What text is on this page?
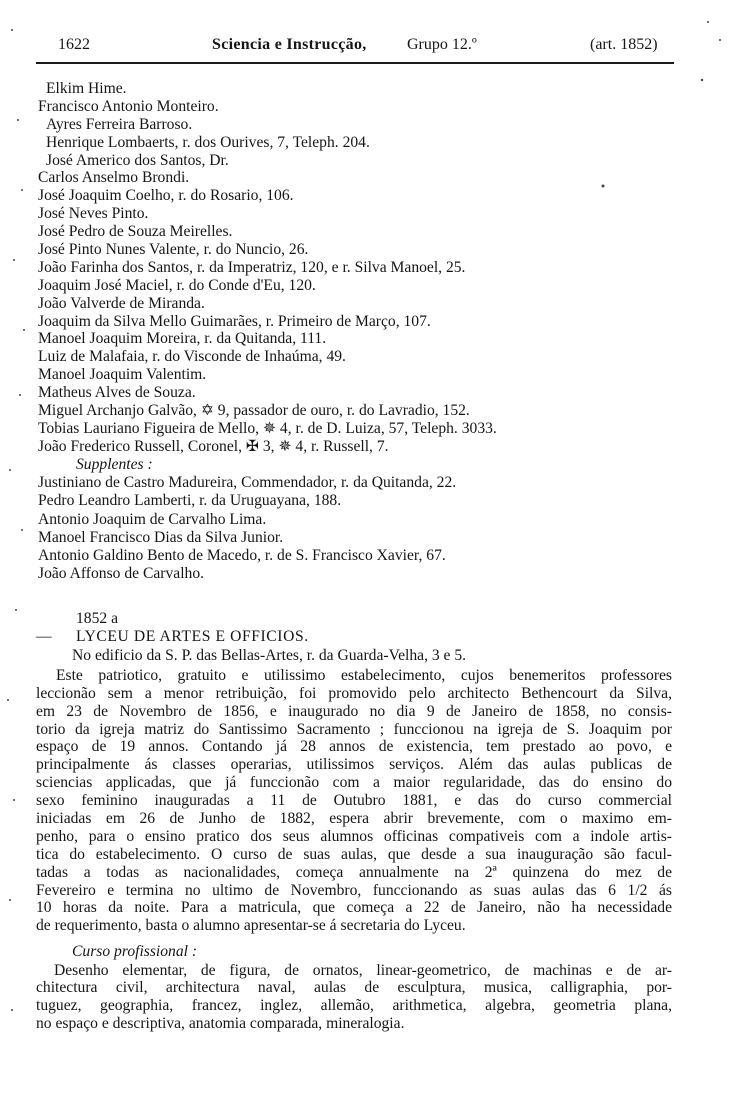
1622	Sciencia e Instrucção,	Grupo 12.º	(art. 1852)
Elkim Hime.
Francisco Antonio Monteiro.
Ayres Ferreira Barroso.
Henrique Lombaerts, r. dos Ourives, 7, Teleph. 204.
José Americo dos Santos, Dr.
Carlos Anselmo Brondi.
José Joaquim Coelho, r. do Rosario, 106.
José Neves Pinto.
José Pedro de Souza Meirelles.
José Pinto Nunes Valente, r. do Nuncio, 26.
João Farinha dos Santos, r. da Imperatriz, 120, e r. Silva Manoel, 25.
Joaquim José Maciel, r. do Conde d'Eu, 120.
João Valverde de Miranda.
Joaquim da Silva Mello Guimarães, r. Primeiro de Março, 107.
Manoel Joaquim Moreira, r. da Quitanda, 111.
Luiz de Malafaia, r. do Visconde de Inhaúma, 49.
Manoel Joaquim Valentim.
Matheus Alves de Souza.
Miguel Archanjo Galvão, ✡ 9, passador de ouro, r. do Lavradio, 152.
Tobias Lauriano Figueira de Mello, ✵ 4, r. de D. Luiza, 57, Teleph. 3033.
João Frederico Russell, Coronel, ✠ 3, ✵ 4, r. Russell, 7.
Supplentes :
Justiniano de Castro Madureira, Commendador, r. da Quitanda, 22.
Pedro Leandro Lamberti, r. da Uruguayana, 188.
Antonio Joaquim de Carvalho Lima.
Manoel Francisco Dias da Silva Junior.
Antonio Galdino Bento de Macedo, r. de S. Francisco Xavier, 67.
João Affonso de Carvalho.
1852 a
— LYCEU DE ARTES E OFFICIOS.
No edificio da S. P. das Bellas-Artes, r. da Guarda-Velha, 3 e 5.
Este patriotico, gratuito e utilissimo estabelecimento, cujos benemeritos professores
leccionão sem a menor retribuição, foi promovido pelo architecto Bethencourt da Silva,
em 23 de Novembro de 1856, e inaugurado no dia 9 de Janeiro de 1858, no consis-
torio da igreja matriz do Santissimo Sacramento ; funccionou na igreja de S. Joaquim por
espaço de 19 annos. Contando já 28 annos de existencia, tem prestado ao povo, e
principalmente ás classes operarias, utilissimos serviços. Além das aulas publicas de
sciencias applicadas, que já funccionão com a maior regularidade, das do ensino do
sexo feminino inauguradas a 11 de Outubro 1881, e das do curso commercial
iniciadas em 26 de Junho de 1882, espera abrir brevemente, com o maximo em-
penho, para o ensino pratico dos seus alumnos officinas compativeis com a indole artis-
tica do estabelecimento. O curso de suas aulas, que desde a sua inauguração são facul-
tadas a todas as nacionalidades, começa annualmente na 2ª quinzena do mez de
Fevereiro e termina no ultimo de Novembro, funccionando as suas aulas das 6 1/2 ás
10 horas da noite. Para a matricula, que começa a 22 de Janeiro, não ha necessidade
de requerimento, basta o alumno apresentar-se á secretaria do Lyceu.
Curso profissional :
Desenho elementar, de figura, de ornatos, linear-geometrico, de machinas e de ar-
chitectura civil, architectura naval, aulas de esculptura, musica, calligraphia, por-
tuguez, geographia, francez, inglez, allemão, arithmetica, algebra, geometria plana,
no espaço e descriptiva, anatomia comparada, mineralogia.
